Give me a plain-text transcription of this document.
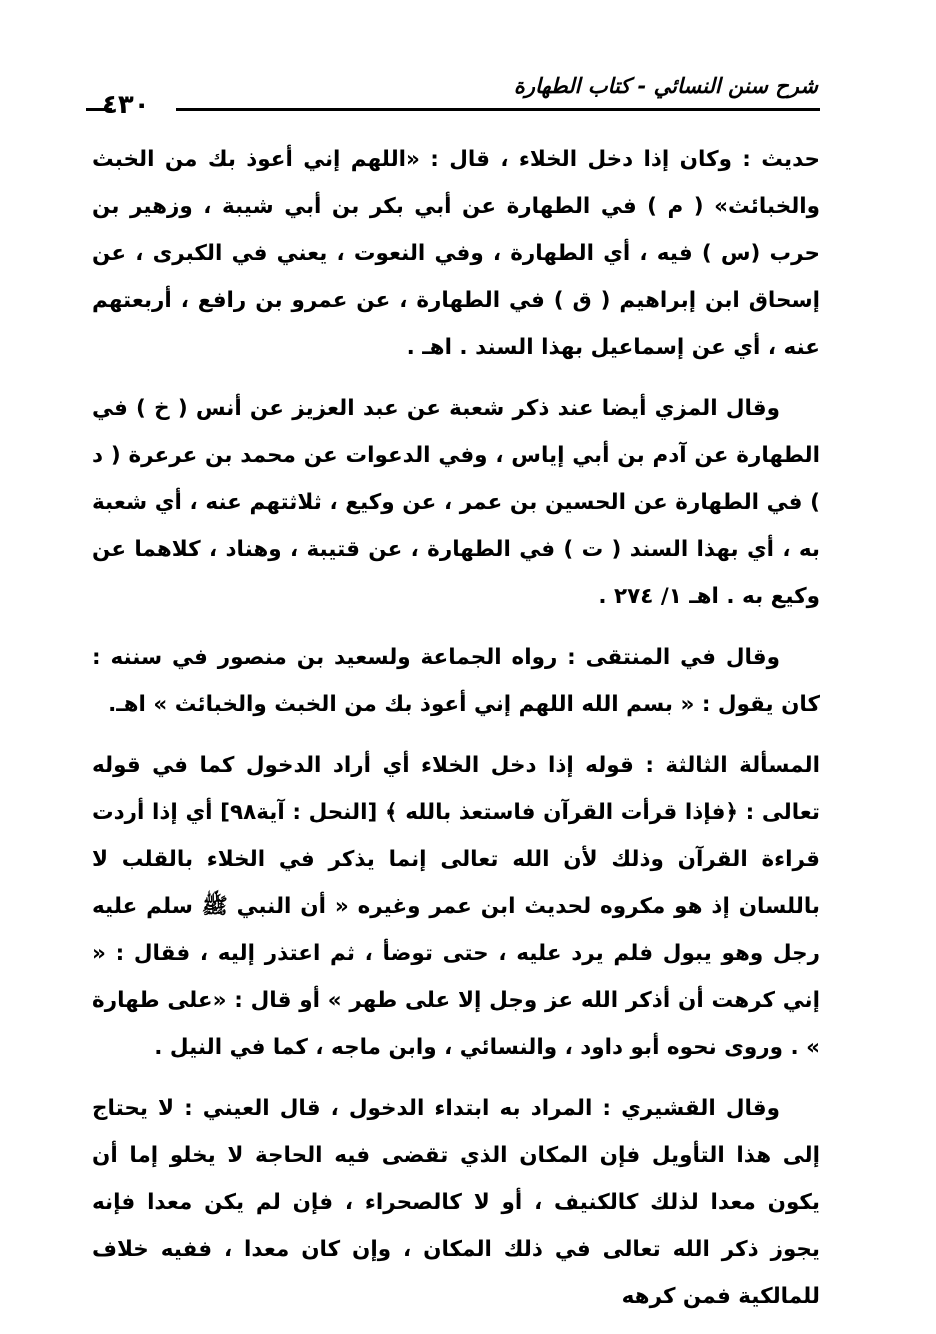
شرح سنن النسائي - كتاب الطهارة
٤٣٠

حديث : وكان إذا دخل الخلاء ، قال : «اللهم إني أعوذ بك من الخبث والخبائث» ( م ) في الطهارة عن أبي بكر بن أبي شيبة ، وزهير بن حرب (س ) فيه ، أي الطهارة ، وفي النعوت ، يعني في الكبرى ، عن إسحاق ابن إبراهيم ( ق ) في الطهارة ، عن عمرو بن رافع ، أربعتهم عنه ، أي عن إسماعيل بهذا السند . اهـ .

وقال المزي أيضا عند ذكر شعبة عن عبد العزيز عن أنس ( خ ) في الطهارة عن آدم بن أبي إياس ، وفي الدعوات عن محمد بن عرعرة ( د ) في الطهارة عن الحسين بن عمر ، عن وكيع ، ثلاثتهم عنه ، أي شعبة به ، أي بهذا السند ( ت ) في الطهارة ، عن قتيبة ، وهناد ، كلاهما عن وكيع به . اهـ ١/ ٢٧٤ .

وقال في المنتقى : رواه الجماعة ولسعيد بن منصور في سننه : كان يقول : « بسم الله اللهم إني أعوذ بك من الخبث والخبائث » اهـ.

المسألة الثالثة : قوله إذا دخل الخلاء أي أراد الدخول كما في قوله تعالى : ﴿فإذا قرأت القرآن فاستعذ بالله ﴾ [النحل : آية٩٨] أي إذا أردت قراءة القرآن وذلك لأن الله تعالى إنما يذكر في الخلاء بالقلب لا باللسان إذ هو مكروه لحديث ابن عمر وغيره « أن النبي ﷺ سلم عليه رجل وهو يبول فلم يرد عليه ، حتى توضأ ، ثم اعتذر إليه ، فقال : « إني كرهت أن أذكر الله عز وجل إلا على طهر » أو قال : «على طهارة » . وروى نحوه أبو داود ، والنسائي ، وابن ماجه ، كما في النيل .

وقال القشيري : المراد به ابتداء الدخول ، قال العيني : لا يحتاج إلى هذا التأويل فإن المكان الذي تقضى فيه الحاجة لا يخلو إما أن يكون معدا لذلك كالكنيف ، أو لا كالصحراء ، فإن لم يكن معدا فإنه يجوز ذكر الله تعالى في ذلك المكان ، وإن كان معدا ، ففيه خلاف للمالكية فمن كرهه
